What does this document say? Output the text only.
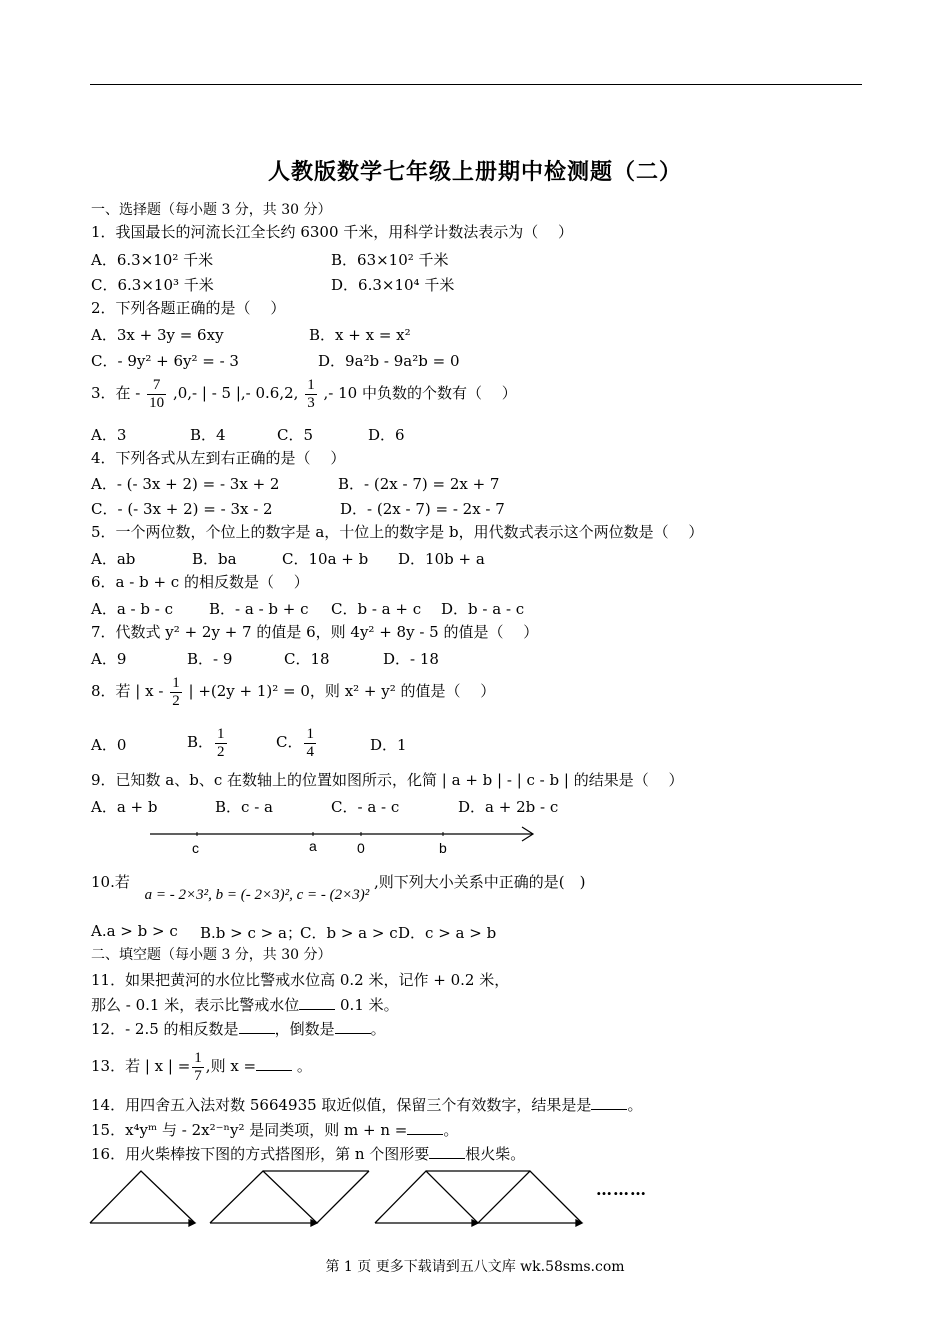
人教版数学七年级上册期中检测题（二）
一、选择题（每小题 3 分，共 30 分）
1．我国最长的河流长江全长约 6300 千米，用科学计数法表示为（　 ）
A．6.3×10² 千米	B．63×10² 千米
C．6.3×10³ 千米	D．6.3×10⁴ 千米
2．下列各题正确的是（　 ）
A．3x + 3y = 6xy	B．x + x = x²
C．- 9y² + 6y² = - 3	D．9a²b - 9a²b = 0
3．在 - $\frac{7}{10} ,0,-$ | - 5 |,- 0.6,2, $\frac{1}{3}$ ,- 10 中负数的个数有（　 ）
A．3	B．4	C．5	D．6
4．下列各式从左到右正确的是（　 ）
A．- (- 3x + 2) = - 3x + 2	B．- (2x - 7) = 2x + 7
C．- (- 3x + 2) = - 3x - 2	D．- (2x - 7) = - 2x - 7
5．一个两位数，个位上的数字是 a，十位上的数字是 b，用代数式表示这个两位数是（　 ）
A．ab	B．ba	C．10a + b D．10b + a
6．a - b + c 的相反数是（　 ）
A．a - b - c B．- a - b + c C．b - a + c D．b - a - c
7．代数式 y² + 2y + 7 的值是 6，则 4y² + 8y - 5 的值是（　 ）
A．9	B．- 9	C．18	D．- 18
8．若 | x - $\frac{1}{2}$ | +(2y + 1)² = 0，则 x² + y² 的值是（　 ）
A．0	B． $\frac{1}{2}$	C． $\frac{1}{4}$	D．1
9．已知数 a、b、c 在数轴上的位置如图所示，化简 | a + b | - | c - b | 的结果是（　 ）
A．a + b	B．c - a	C．- a - c	D．a + 2b - c
c	a	0	b
10.若 a = - 2×3², b = (- 2×3)², c = - (2×3)² ,则下列大小关系中正确的是(　)
A.a > b > c B.b > c > a；
C．b > a > c D．c > a > b
二、填空题（每小题 3 分，共 30 分）
11．如果把黄河的水位比警戒水位高 0.2 米，记作 + 0.2 米，
那么 - 0.1 米，表示比警戒水位	0.1 米。
12．- 2.5 的相反数是 ，倒数是 。
13．若 | x | = $\frac{1}{7}$ ,则 x =	。
14．用四舍五入法对数 5664935 取近似值，保留三个有效数字，结果是是 。
15．x⁴yᵐ 与 - 2x²⁻ⁿy² 是同类项，则 m + n = 。
16．用火柴棒按下图的方式搭图形，第 n 个图形要 根火柴。
………
第 1 页 更多下载请到五八文库 wk.58sms.com
